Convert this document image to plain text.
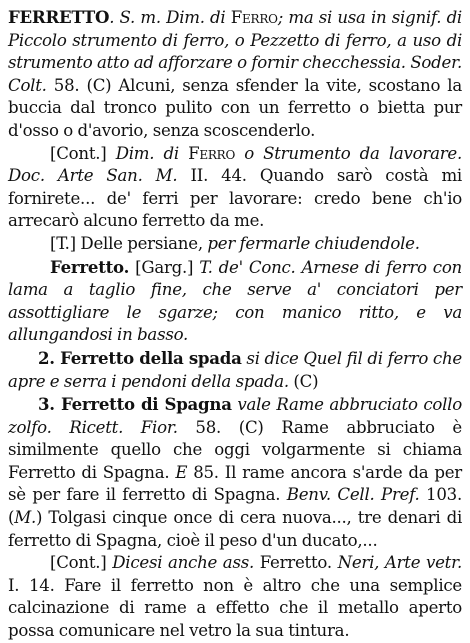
FERRETTO. S. m. Dim. di Ferro; ma si usa in signif. di Piccolo strumento di ferro, o Pezzetto di ferro, a uso di strumento atto ad afforzare o fornir checchessia. Soder. Colt. 58. (C) Alcuni, senza sfender la vite, scostano la buccia dal tronco pulito con un ferretto o bietta pur d'osso o d'avorio, senza scoscenderlo.

[Cont.] Dim. di Ferro o Strumento da lavorare. Doc. Arte San. M. II. 44. Quando sarò costà mi fornirete... de' ferri per lavorare: credo bene ch'io arrecarò alcuno ferretto da me.

[T.] Delle persiane, per fermarle chiudendole.

Ferretto. [Garg.] T. de' Conc. Arnese di ferro con lama a taglio fine, che serve a' conciatori per assottigliare le sgarze; con manico ritto, e va allungandosi in basso.

2. Ferretto della spada si dice Quel fil di ferro che apre e serra i pendoni della spada. (C)

3. Ferretto di Spagna vale Rame abbruciato collo zolfo. Ricett. Fior. 58. (C) Rame abbruciato è similmente quello che oggi volgarmente si chiama Ferretto di Spagna. E 85. Il rame ancora s'arde da per sè per fare il ferretto di Spagna. Benv. Cell. Pref. 103. (M.) Tolgasi cinque once di cera nuova..., tre denari di ferretto di Spagna, cioè il peso d'un ducato,...

[Cont.] Dicesi anche ass. Ferretto. Neri, Arte vetr. I. 14. Fare il ferretto non è altro che una semplice calcinazione di rame a effetto che il metallo aperto possa comunicare nel vetro la sua tintura.
